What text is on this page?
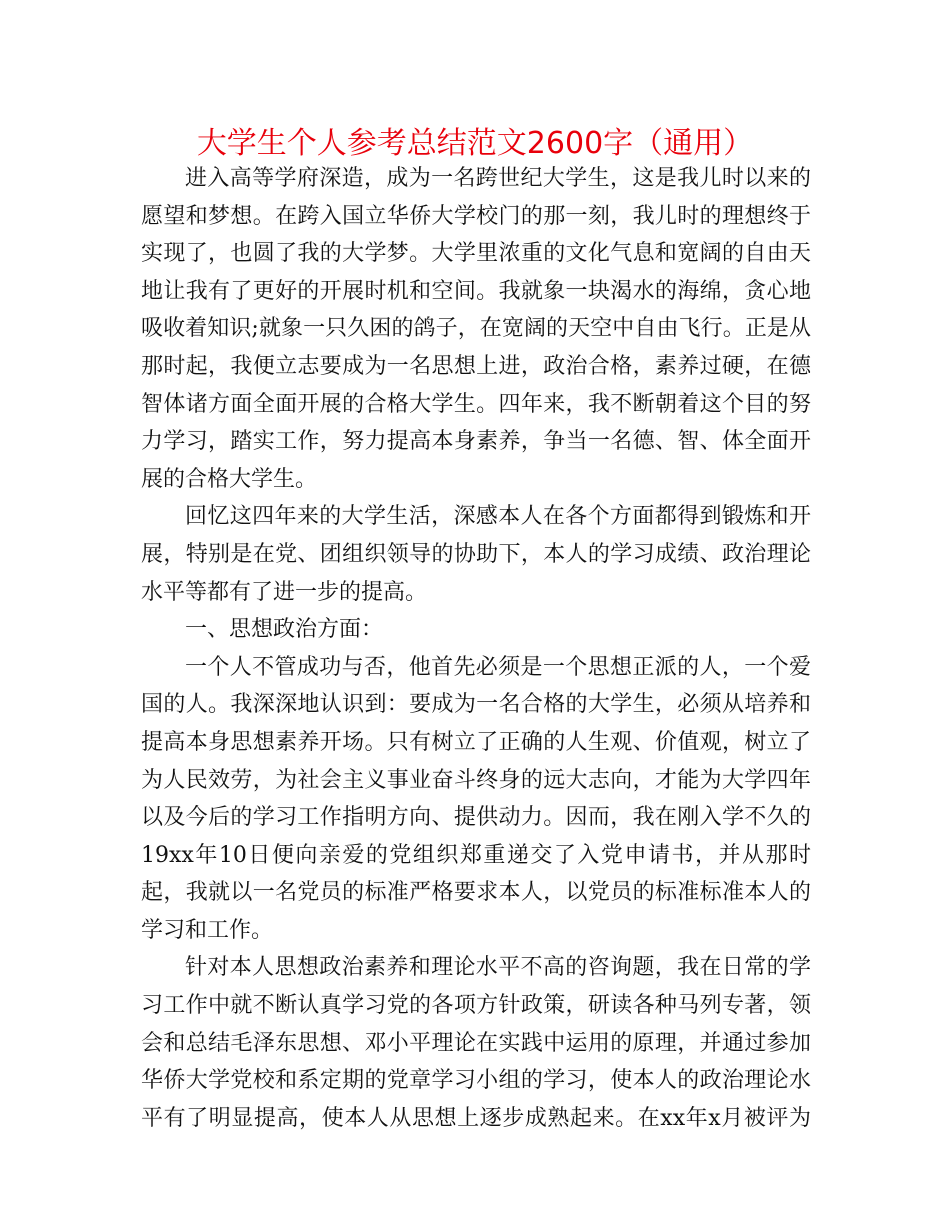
大学生个人参考总结范文2600字（通用）

进入高等学府深造，成为一名跨世纪大学生，这是我儿时以来的愿望和梦想。在跨入国立华侨大学校门的那一刻，我儿时的理想终于实现了，也圆了我的大学梦。大学里浓重的文化气息和宽阔的自由天地让我有了更好的开展时机和空间。我就象一块渴水的海绵，贪心地吸收着知识;就象一只久困的鸽子，在宽阔的天空中自由飞行。正是从那时起，我便立志要成为一名思想上进，政治合格，素养过硬，在德智体诸方面全面开展的合格大学生。四年来，我不断朝着这个目的努力学习，踏实工作，努力提高本身素养，争当一名德、智、体全面开展的合格大学生。

回忆这四年来的大学生活，深感本人在各个方面都得到锻炼和开展，特别是在党、团组织领导的协助下，本人的学习成绩、政治理论水平等都有了进一步的提高。

一、思想政治方面：

一个人不管成功与否，他首先必须是一个思想正派的人，一个爱国的人。我深深地认识到：要成为一名合格的大学生，必须从培养和提高本身思想素养开场。只有树立了正确的人生观、价值观，树立了为人民效劳，为社会主义事业奋斗终身的远大志向，才能为大学四年以及今后的学习工作指明方向、提供动力。因而，我在刚入学不久的19xx年10日便向亲爱的党组织郑重递交了入党申请书，并从那时起，我就以一名党员的标准严格要求本人，以党员的标准标准本人的学习和工作。

针对本人思想政治素养和理论水平不高的咨询题，我在日常的学习工作中就不断认真学习党的各项方针政策，研读各种马列专著，领会和总结毛泽东思想、邓小平理论在实践中运用的原理，并通过参加华侨大学党校和系定期的党章学习小组的学习，使本人的政治理论水平有了明显提高，使本人从思想上逐步成熟起来。在xx年x月被评为
